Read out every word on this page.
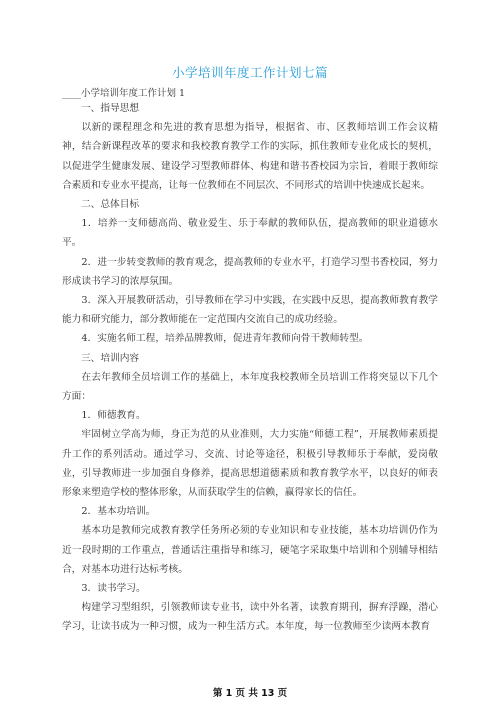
小学培训年度工作计划七篇
____小学培训年度工作计划 1

一、指导思想

以新的课程理念和先进的教育思想为指导，根据省、市、区教师培训工作会议精神，结合新课程改革的要求和我校教育教学工作的实际，抓住教师专业化成长的契机，以促进学生健康发展、建设学习型教师群体、构建和谐书香校园为宗旨，着眼于教师综合素质和专业水平提高，让每一位教师在不同层次、不同形式的培训中快速成长起来。

二、总体目标

1．培养一支师德高尚、敬业爱生、乐于奉献的教师队伍，提高教师的职业道德水平。

2．进一步转变教师的教育观念，提高教师的专业水平，打造学习型书香校园，努力形成读书学习的浓厚氛围。

3．深入开展教研活动，引导教师在学习中实践，在实践中反思，提高教师教育教学能力和研究能力，部分教师能在一定范围内交流自己的成功经验。

4．实施名师工程，培养品牌教师，促进青年教师向骨干教师转型。

三、培训内容

在去年教师全员培训工作的基础上，本年度我校教师全员培训工作将突显以下几个方面：

1．师德教育。

牢固树立学高为师，身正为范的从业准则，大力实施“师德工程”，开展教师素质提升工作的系列活动。通过学习、交流、讨论等途径，积极引导教师乐于奉献，爱岗敬业，引导教师进一步加强自身修养，提高思想道德素质和教育教学水平，以良好的师表形象来塑造学校的整体形象，从而获取学生的信赖，赢得家长的信任。

2．基本功培训。

基本功是教师完成教育教学任务所必须的专业知识和专业技能，基本功培训仍作为近一段时期的工作重点，普通话注重指导和练习，硬笔字采取集中培训和个别辅导相结合，对基本功进行达标考核。

3．读书学习。

构建学习型组织，引领教师读专业书，读中外名著，读教育期刊，摒弃浮躁，潜心学习，让读书成为一种习惯，成为一种生活方式。本年度，每一位教师至少读两本教育

第 1 页 共 13 页
